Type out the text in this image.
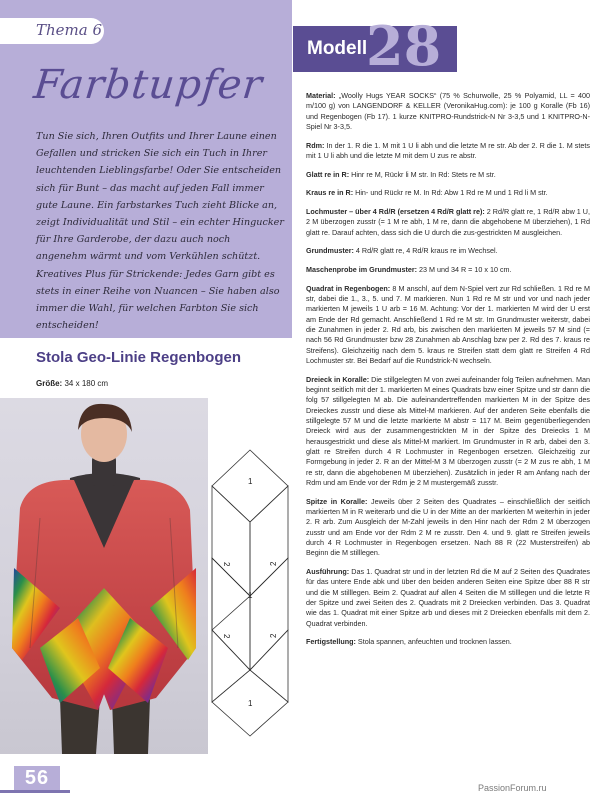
Thema 6
Farbtupfer
Tun Sie sich, Ihren Outfits und Ihrer Laune einen Gefallen und stricken Sie sich ein Tuch in Ihrer leuchtenden Lieblingsfarbe! Oder Sie entscheiden sich für Bunt – das macht auf jeden Fall immer gute Laune. Ein farbstarkes Tuch zieht Blicke an, zeigt Individualität und Stil – ein echter Hingucker für Ihre Garderobe, der dazu auch noch angenehm wärmt und vom Verkühlen schützt. Kreatives Plus für Strickende: Jedes Garn gibt es stets in einer Reihe von Nuancen – Sie haben also immer die Wahl, für welchen Farbton Sie sich entscheiden!
Stola Geo-Linie Regenbogen
Größe: 34 x 180 cm
1
2	2
1
2	2
1
56
Modell
28

Material: „Woolly Hugs YEAR SOCKS“ (75 % Schurwolle, 25 % Polyamid, LL = 400 m/100 g) von LANGENDORF & KELLER (VeronikaHug.com): je 100 g Koralle (Fb 16) und Regenbogen (Fb 17). 1 kurze KNITPRO-Rundstrick-N Nr 3-3,5 und 1 KNITPRO-N-Spiel Nr 3-3,5.

Rdm: In der 1. R die 1. M mit 1 U li abh und die letzte M re str. Ab der 2. R die 1. M stets mit 1 U li abh und die letzte M mit dem U zus re abstr.

Glatt re in R: Hinr re M, Rückr li M str. In Rd: Stets re M str.

Kraus re in R: Hin- und Rückr re M. In Rd: Abw 1 Rd re M und 1 Rd li M str.

Lochmuster – über 4 Rd/R (ersetzen 4 Rd/R glatt re): 2 Rd/R glatt re, 1 Rd/R abw 1 U, 2 M überzogen zusstr (= 1 M re abh, 1 M re, dann die abgehobene M überziehen), 1 Rd glatt re. Darauf achten, dass sich die U durch die zus-gestrickten M ausgleichen.

Grundmuster: 4 Rd/R glatt re, 4 Rd/R kraus re im Wechsel.

Maschenprobe im Grundmuster: 23 M und 34 R = 10 x 10 cm.

Quadrat in Regenbogen: 8 M anschl, auf dem N-Spiel vert zur Rd schließen. 1 Rd re M str, dabei die 1., 3., 5. und 7. M markieren. Nun 1 Rd re M str und vor und nach jeder markierten M jeweils 1 U arb = 16 M. Achtung: Vor der 1. markierten M wird der U erst am Ende der Rd gemacht. Anschließend 1 Rd re M str. Im Grundmuster weiterstr, dabei die Zunahmen in jeder 2. Rd arb, bis zwischen den markierten M jeweils 57 M sind (= nach 56 Rd Grundmuster bzw 28 Zunahmen ab Anschlag bzw per 2. Rd des 7. kraus re Streifens). Gleichzeitig nach dem 5. kraus re Streifen statt dem glatt re Streifen 4 Rd Lochmuster str. Bei Bedarf auf die Rundstrick-N wechseln.

Dreieck in Koralle: Die stillgelegten M von zwei aufeinander folg Teilen aufnehmen. Man beginnt seitlich mit der 1. markierten M eines Quadrats bzw einer Spitze und str dann die folg 57 stillgelegten M ab. Die aufeinandertreffenden markierten M in der Spitze des Dreieckes zusstr und diese als Mittel-M markieren. Auf der anderen Seite ebenfalls die stillgelegte 57 M und die letzte markierte M abstr = 117 M. Beim gegenüberliegenden Dreieck wird aus der zusammengestrickten M in der Spitze des Dreiecks 1 M herausgestrickt und diese als Mittel-M markiert. Im Grundmuster in R arb, dabei den 3. glatt re Streifen durch 4 R Lochmuster in Regenbogen ersetzen. Gleichzeitig zur Formgebung in jeder 2. R an der Mittel-M 3 M überzogen zusstr (= 2 M zus re abh, 1 M re str, dann die abgehobenen M überziehen). Zusätzlich in jeder R am Anfang nach der Rdm und am Ende vor der Rdm je 2 M mustergemäß zusstr.

Spitze in Koralle: Jeweils über 2 Seiten des Quadrates – einschließlich der seitlich markierten M in R weiterarb und die U in der Mitte an der markierten M weiterhin in jeder 2. R arb. Zum Ausgleich der M-Zahl jeweils in den Hinr nach der Rdm 2 M überzogen zusstr und am Ende vor der Rdm 2 M re zusstr. Den 4. und 9. glatt re Streifen jeweils durch 4 R Lochmuster in Regenbogen ersetzen. Nach 88 R (22 Musterstreifen) ab Beginn die M stilllegen.

Ausführung: Das 1. Quadrat str und in der letzten Rd die M auf 2 Seiten des Quadrates für das untere Ende abk und über den beiden anderen Seiten eine Spitze über 88 R str und die M stilllegen. Beim 2. Quadrat auf allen 4 Seiten die M stilllegen und die letzte R der Spitze und zwei Seiten des 2. Quadrats mit 2 Dreiecken verbinden. Das 3. Quadrat wie das 1. Quadrat mit einer Spitze arb und dieses mit 2 Dreiecken ebenfalls mit dem 2. Quadrat verbinden.

Fertigstellung: Stola spannen, anfeuchten und trocknen lassen.

PassionForum.ru
